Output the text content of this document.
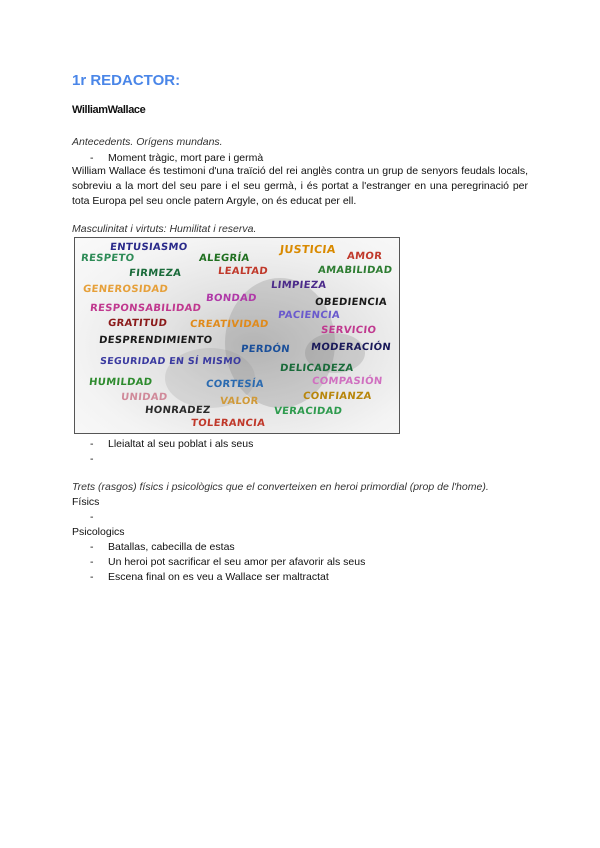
1r REDACTOR:
WilliamWallace
Antecedents. Orígens mundans.
- Moment tràgic, mort pare i germà
William Wallace és testimoni d'una traïció del rei anglès contra un grup de senyors feudals locals, sobreviu a la mort del seu pare i el seu germà, i és portat a l'estranger en una peregrinació per tota Europa pel seu oncle patern Argyle, on és educat per ell.
Masculinitat i virtuts: Humilitat i reserva.
ENTUSIASMO	JUSTICIA
RESPETO	ALEGRÍA	AMOR
FIRMEZA	LEALTAD	AMABILIDAD
GENEROSIDAD	LIMPIEZA
BONDAD	OBEDIENCIA
RESPONSABILIDAD
PACIENCIA
GRATITUD CREATIVIDAD
SERVICIO
DESPRENDIMIENTO
PERDÓN MODERACIÓN
SEGURIDAD EN SÍ MISMO
DELICADEZA
HUMILDAD	CORTESÍA	COMPASIÓN
UNIDAD	VALOR	CONFIANZA
HONRADEZ	VERACIDAD
TOLERANCIA
- Lleialtat al seu poblat i als seus
-
Trets (rasgos) físics i psicològics que el converteixen en heroi primordial (prop de l'home).
Físics
-
Psicologics
- Batallas, cabecilla de estas
- Un heroi pot sacrificar el seu amor per afavorir als seus
- Escena final on es veu a Wallace ser maltractat
